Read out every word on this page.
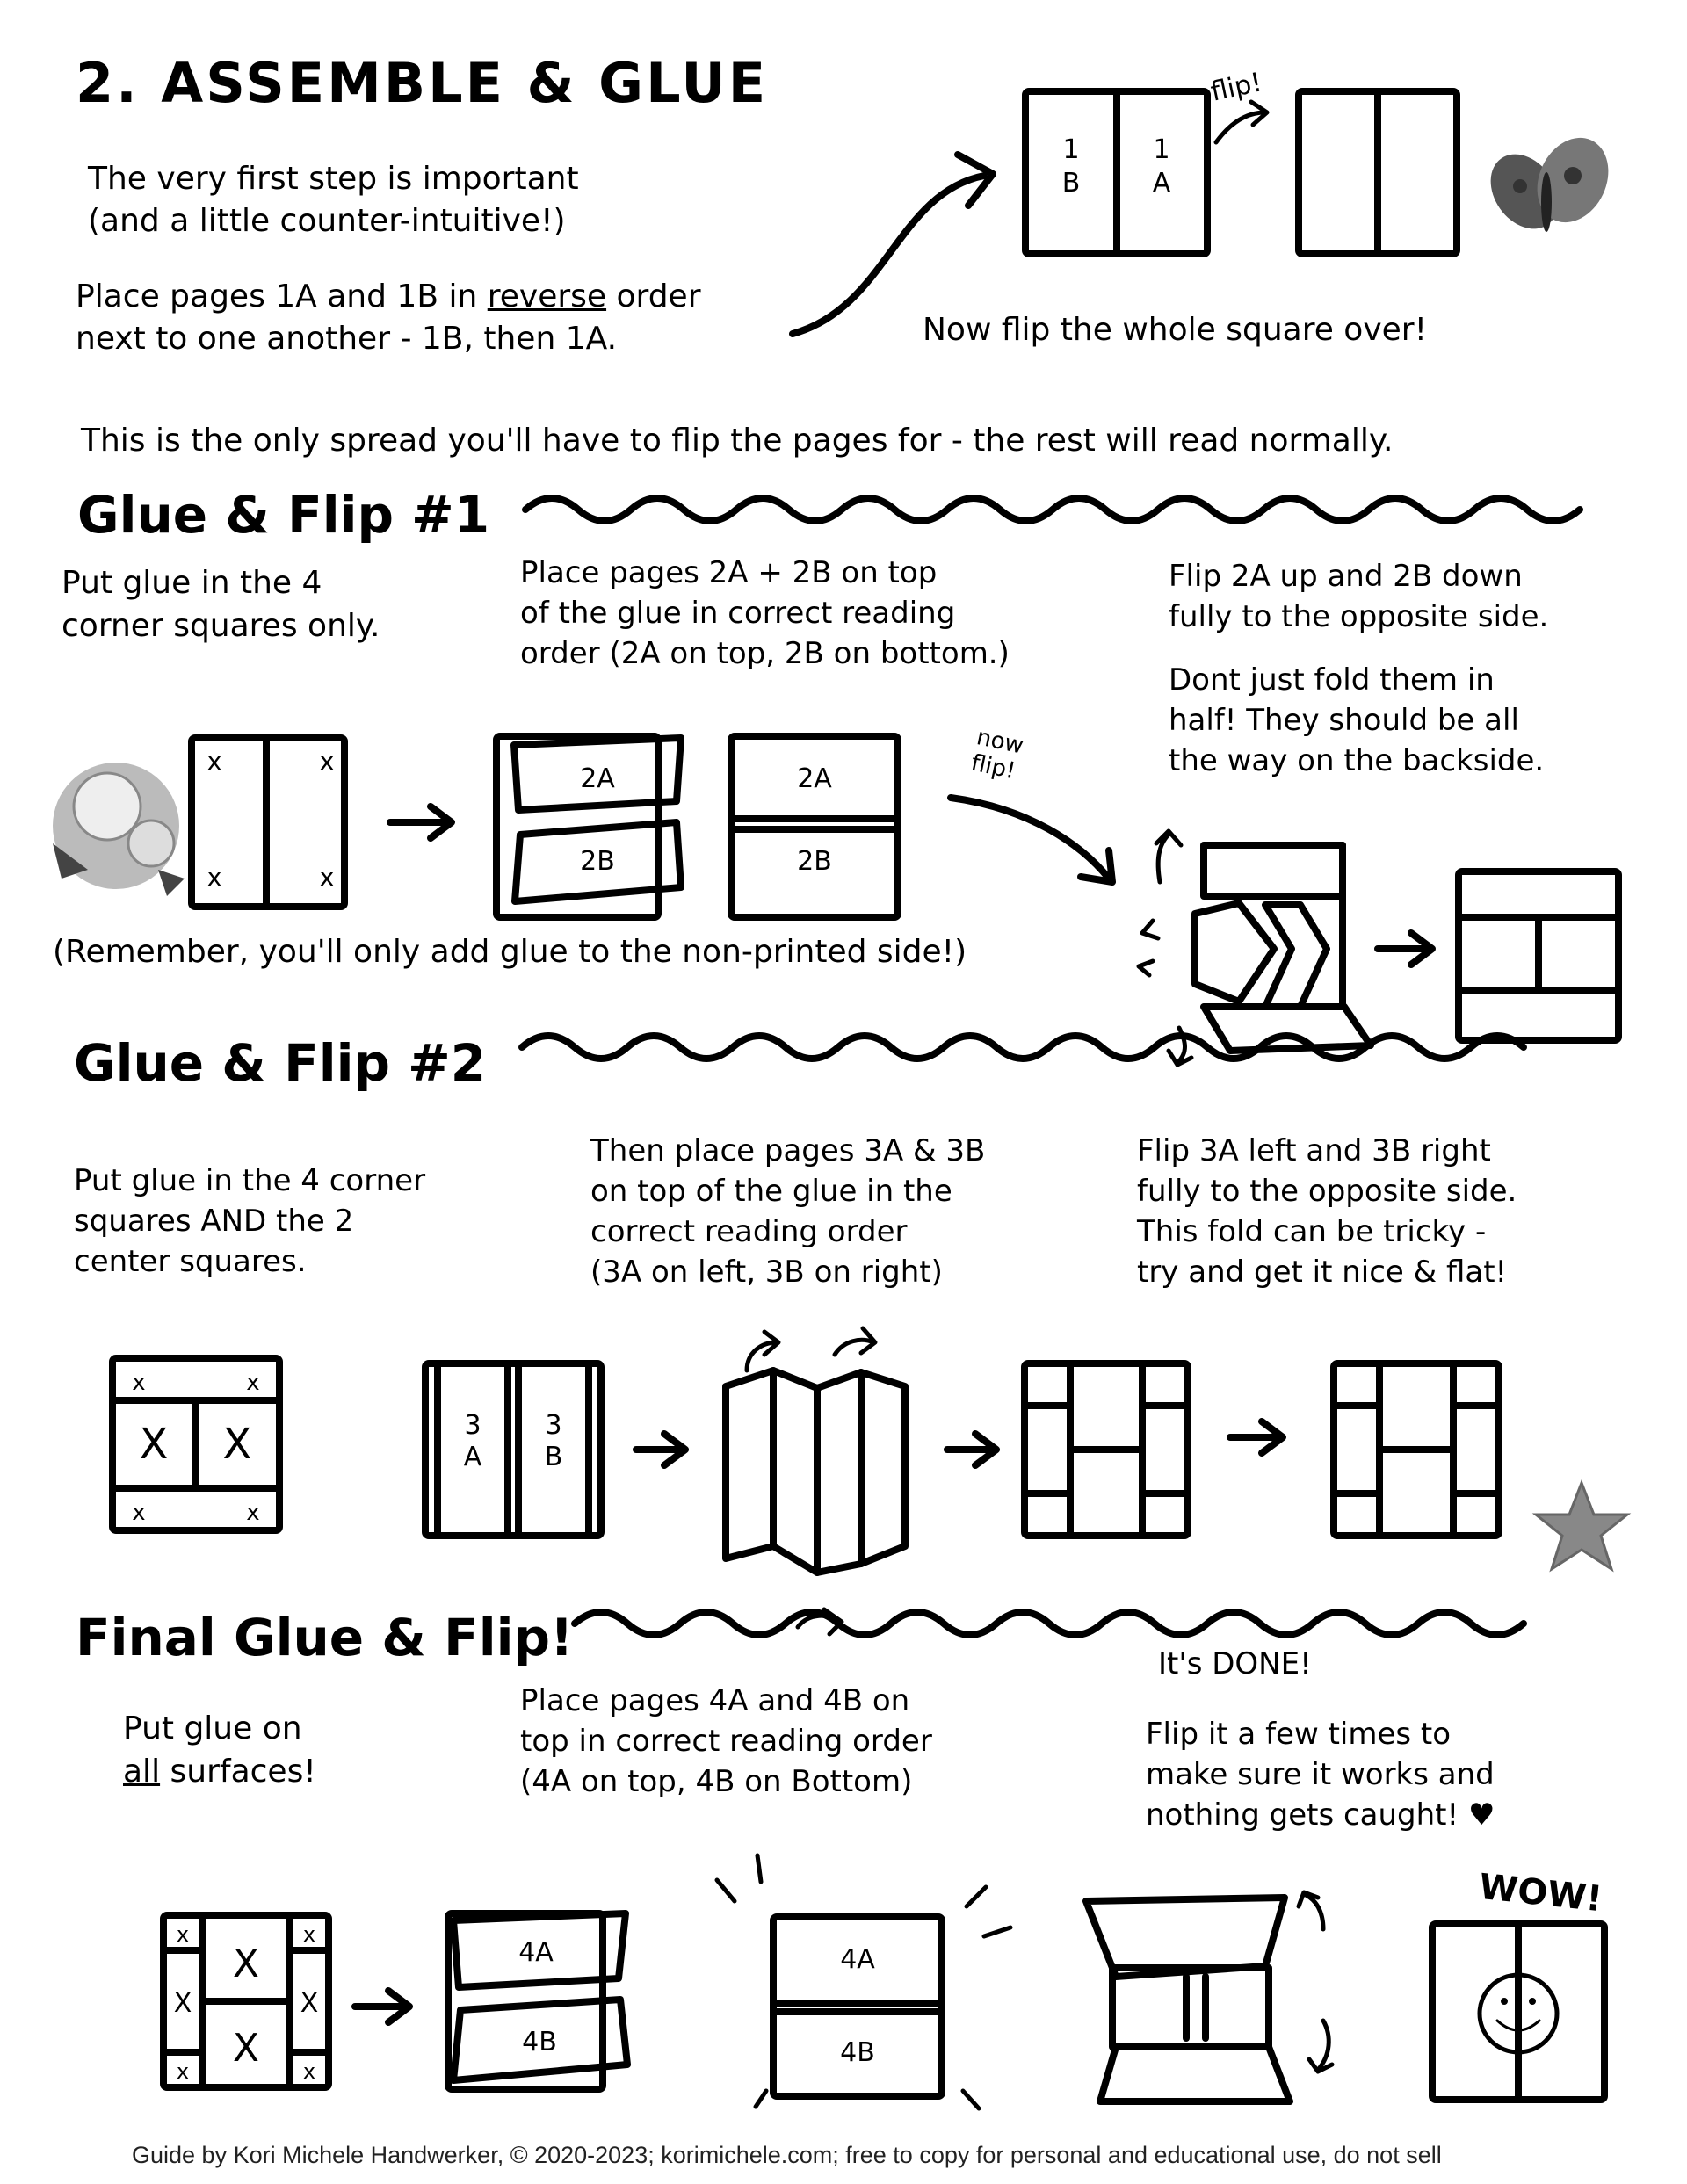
2. ASSEMBLE & GLUE
The very first step is important
(and a little counter-intuitive!)
Place pages 1A and 1B in reverse order
next to one another - 1B, then 1A.
flip!
Now flip the whole square over!
This is the only spread you'll have to flip the pages for - the rest will read normally.
Glue & Flip #1
Put glue in the 4
corner squares only.
Place pages 2A + 2B on top
of the glue in correct reading
order (2A on top, 2B on bottom.)
Flip 2A up and 2B down
fully to the opposite side.
Dont just fold them in
half! They should be all
the way on the backside.
now
flip!
(Remember, you'll only add glue to the non-printed side!)
Glue & Flip #2
Put glue in the 4 corner
squares AND the 2
center squares.
Then place pages 3A & 3B
on top of the glue in the
correct reading order
(3A on left, 3B on right)
Flip 3A left and 3B right
fully to the opposite side.
This fold can be tricky -
try and get it nice & flat!
Final Glue & Flip!
Put glue on
all surfaces!
Place pages 4A and 4B on
top in correct reading order
(4A on top, 4B on Bottom)
It's DONE!
Flip it a few times to
make sure it works and
nothing gets caught! ♥
Guide by Kori Michele Handwerker, © 2020-2023; korimichele.com; free to copy for personal and educational use, do not sell
1 B
1 A
x	x
x	x
2A
2B
2A
2B
x	x
x	x
X X	3 A
3 B
x	x
x	x
X	X
X
X
4A
4B
4A
4B
WOW!
